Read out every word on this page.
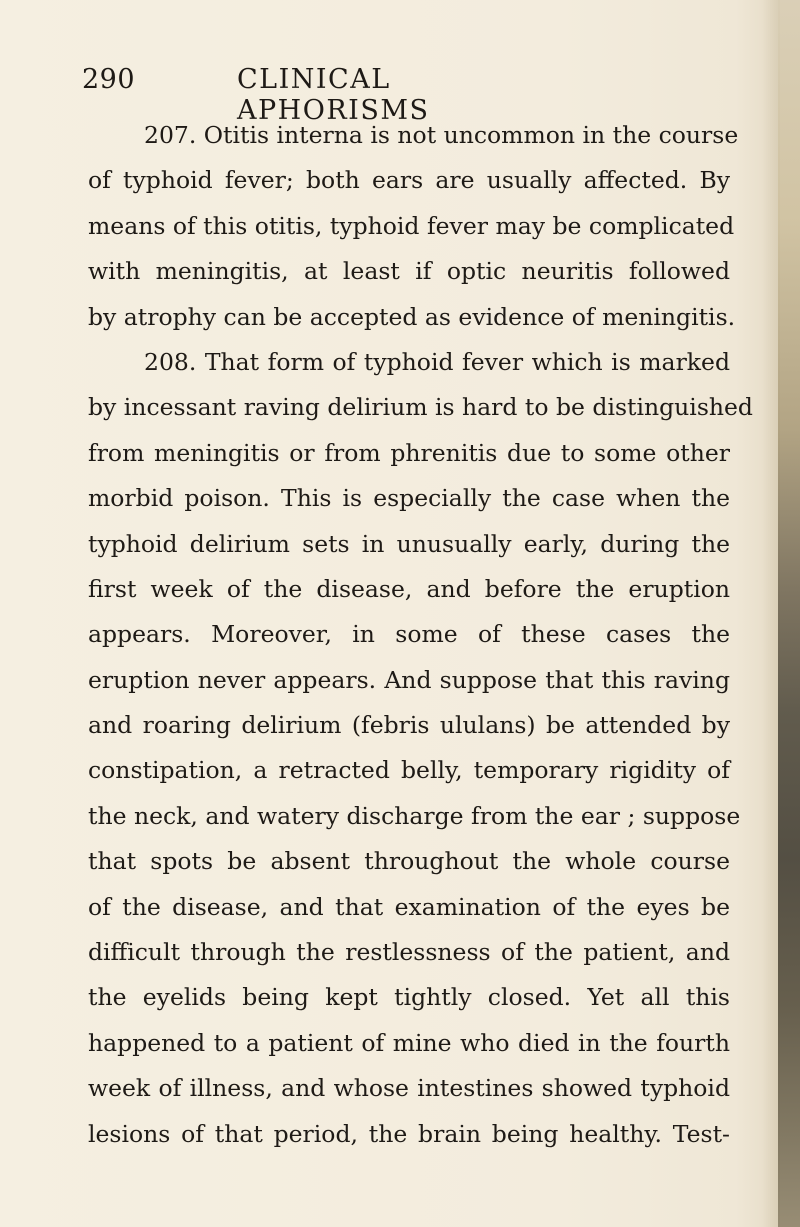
290	CLINICAL APHORISMS
207. Otitis interna is not uncommon in the course
of typhoid fever; both ears are usually affected. By
means of this otitis, typhoid fever may be complicated
with meningitis, at least if optic neuritis followed
by atrophy can be accepted as evidence of meningitis.
208. That form of typhoid fever which is marked
by incessant raving delirium is hard to be distinguished
from meningitis or from phrenitis due to some other
morbid poison. This is especially the case when the
typhoid delirium sets in unusually early, during the
first week of the disease, and before the eruption
appears. Moreover, in some of these cases the
eruption never appears. And suppose that this raving
and roaring delirium (febris ululans) be attended by
constipation, a retracted belly, temporary rigidity of
the neck, and watery discharge from the ear ; suppose
that spots be absent throughout the whole course
of the disease, and that examination of the eyes be
difficult through the restlessness of the patient, and
the eyelids being kept tightly closed. Yet all this
happened to a patient of mine who died in the fourth
week of illness, and whose intestines showed typhoid
lesions of that period, the brain being healthy. Test-
